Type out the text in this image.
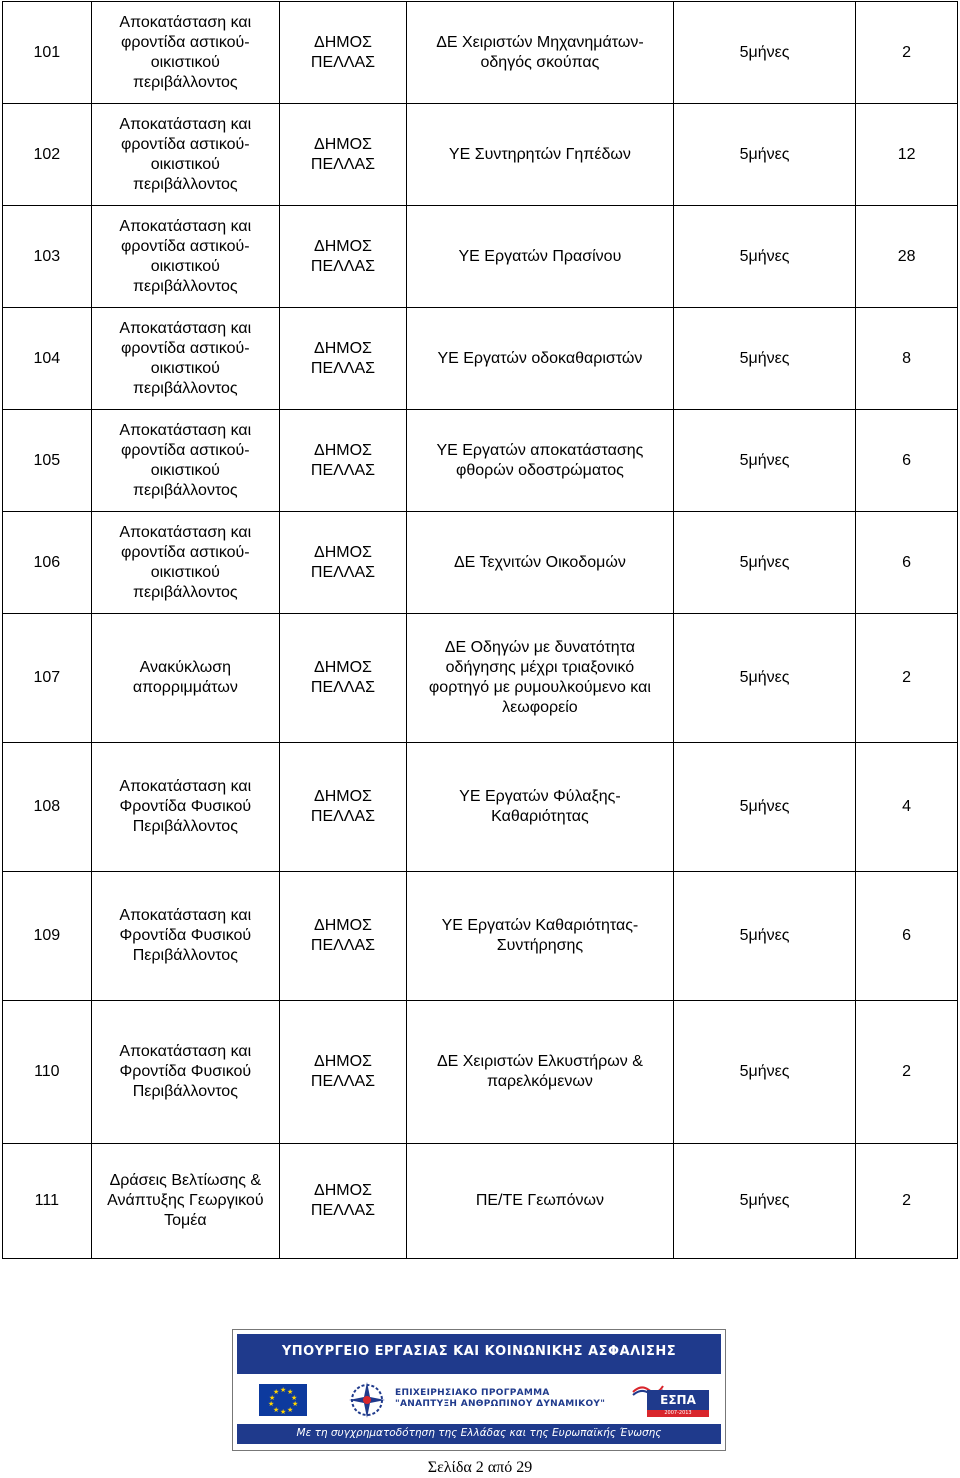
101	Αποκατάσταση και
φροντίδα αστικού-
οικιστικού
περιβάλλοντος	ΔΗΜΟΣ
ΠΕΛΛΑΣ	ΔΕ Χειριστών Μηχανημάτων-
οδηγός σκούπας	5μήνες	2
102	Αποκατάσταση και
φροντίδα αστικού-
οικιστικού
περιβάλλοντος	ΔΗΜΟΣ
ΠΕΛΛΑΣ	ΥΕ Συντηρητών Γηπέδων	5μήνες	12
103	Αποκατάσταση και
φροντίδα αστικού-
οικιστικού
περιβάλλοντος	ΔΗΜΟΣ
ΠΕΛΛΑΣ	ΥΕ Εργατών Πρασίνου	5μήνες	28
104	Αποκατάσταση και
φροντίδα αστικού-
οικιστικού
περιβάλλοντος	ΔΗΜΟΣ
ΠΕΛΛΑΣ	ΥΕ Εργατών οδοκαθαριστών	5μήνες	8
105	Αποκατάσταση και
φροντίδα αστικού-
οικιστικού
περιβάλλοντος	ΔΗΜΟΣ
ΠΕΛΛΑΣ	ΥΕ Εργατών αποκατάστασης
φθορών οδοστρώματος	5μήνες	6
106	Αποκατάσταση και
φροντίδα αστικού-
οικιστικού
περιβάλλοντος	ΔΗΜΟΣ
ΠΕΛΛΑΣ	ΔΕ Τεχνιτών Οικοδομών	5μήνες	6
107	Ανακύκλωση
απορριμμάτων	ΔΗΜΟΣ
ΠΕΛΛΑΣ	ΔΕ Οδηγών με δυνατότητα
οδήγησης μέχρι τριαξονικό
φορτηγό με ρυμουλκούμενο και
λεωφορείο	5μήνες	2
108	Αποκατάσταση και
Φροντίδα Φυσικού
Περιβάλλοντος	ΔΗΜΟΣ
ΠΕΛΛΑΣ	ΥΕ Εργατών Φύλαξης-
Καθαριότητας	5μήνες	4
109	Αποκατάσταση και
Φροντίδα Φυσικού
Περιβάλλοντος	ΔΗΜΟΣ
ΠΕΛΛΑΣ	ΥΕ Εργατών Καθαριότητας-
Συντήρησης	5μήνες	6
110	Αποκατάσταση και
Φροντίδα Φυσικού
Περιβάλλοντος	ΔΗΜΟΣ
ΠΕΛΛΑΣ	ΔΕ Χειριστών Ελκυστήρων &
παρελκόμενων	5μήνες	2
111	Δράσεις Βελτίωσης &
Ανάπτυξης Γεωργικού
Τομέα	ΔΗΜΟΣ
ΠΕΛΛΑΣ	ΠΕ/ΤΕ Γεωπόνων	5μήνες	2
ΥΠΟΥΡΓΕΙΟ ΕΡΓΑΣΙΑΣ ΚΑΙ ΚΟΙΝΩΝΙΚΗΣ ΑΣΦΑΛΙΣΗΣ
★ ★
★
★
★
★
★
★
★
★	ΕΠΙΧΕΙΡΗΣΙΑΚΟ ΠΡΟΓΡΑΜΜΑ
"ΑΝΑΠΤΥΞΗ ΑΝΘΡΩΠΙΝΟΥ ΔΥΝΑΜΙΚΟΥ"	ΕΣΠΑ
2007-2013
Με τη συγχρηματοδότηση της Ελλάδας και της Ευρωπαϊκής Ένωσης
Σελίδα 2 από 29
